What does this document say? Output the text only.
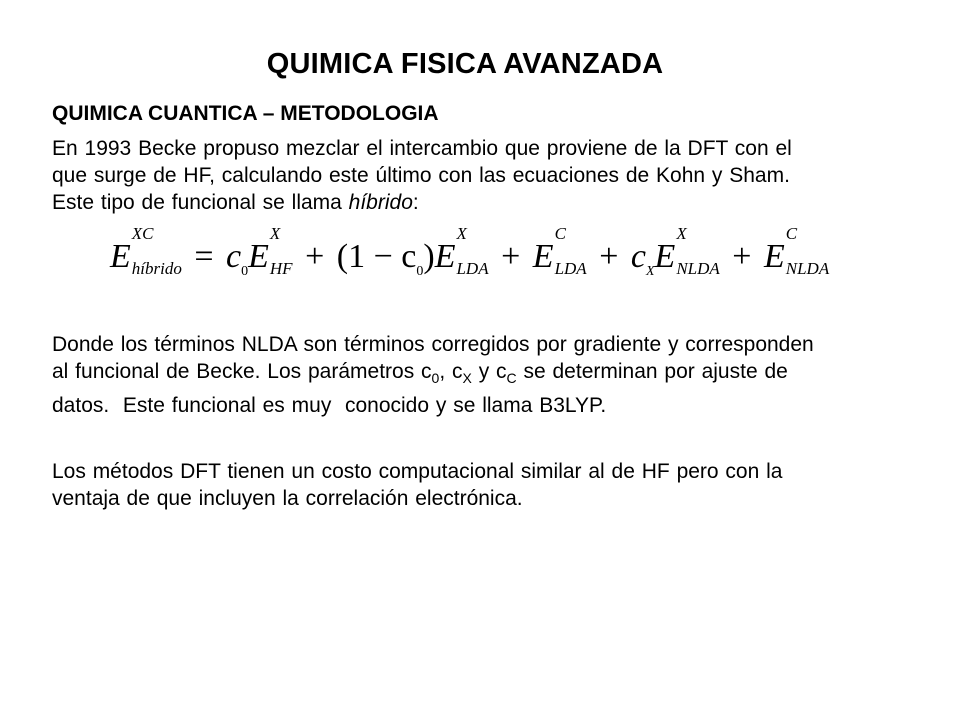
QUIMICA FISICA AVANZADA
QUIMICA CUANTICA – METODOLOGIA
En 1993 Becke propuso mezclar el intercambio que proviene de la DFT con el
que surge de HF, calculando este último con las ecuaciones de Kohn y Sham.
Este tipo de funcional se llama híbrido:
E
XC
híbrido = $c_0E$
X
HF + $(1 - c_0)E$
X
LDA + E
C
LDA + $c_XE$
X
NLDA + E
C
NLDA
Donde los términos NLDA son términos corregidos por gradiente y corresponden
al funcional de Becke. Los parámetros $c_0$, $c_X$ y $c_C$ se determinan por ajuste de
datos.  Este funcional es muy  conocido y se llama B3LYP.
Los métodos DFT tienen un costo computacional similar al de HF pero con la
ventaja de que incluyen la correlación electrónica.
